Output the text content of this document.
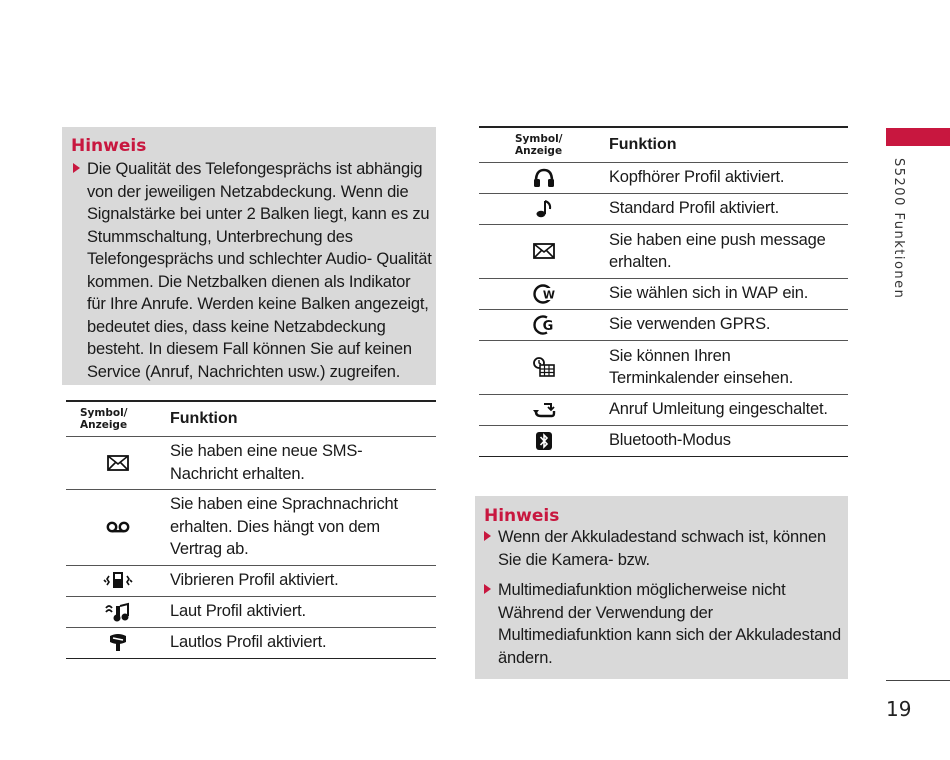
Hinweis

Die Qualität des Telefongesprächs ist abhängig von der jeweiligen Netzabdeckung. Wenn die Signalstärke bei unter 2 Balken liegt, kann es zu Stummschaltung, Unterbrechung des Telefongesprächs und schlechter Audio- Qualität kommen. Die Netzbalken dienen als Indikator für Ihre Anrufe. Werden keine Balken angezeigt, bedeutet dies, dass keine Netzabdeckung besteht. In diesem Fall können Sie auf keinen Service (Anruf, Nachrichten usw.) zugreifen.

Symbol/
Anzeige	Funktion

	Sie haben eine neue SMS-Nachricht erhalten.

	Sie haben eine Sprachnachricht erhalten. Dies hängt von dem Vertrag ab.

	Vibrieren Profil aktiviert.

	Laut Profil aktiviert.

	Lautlos Profil aktiviert.
Symbol/
Anzeige	Funktion

	Kopfhörer Profil aktiviert.

	Standard Profil aktiviert.

	Sie haben eine push message erhalten.

W	Sie wählen sich in WAP ein.

G	Sie verwenden GPRS.

	Sie können Ihren Terminkalender einsehen.

	Anruf Umleitung eingeschaltet.

	Bluetooth-Modus
Hinweis

Wenn der Akkuladestand schwach ist, können Sie die Kamera- bzw.

Multimediafunktion möglicherweise nicht Während der Verwendung der Multimediafunktion kann sich der Akkuladestand ändern.

S5200 Funktionen
19
